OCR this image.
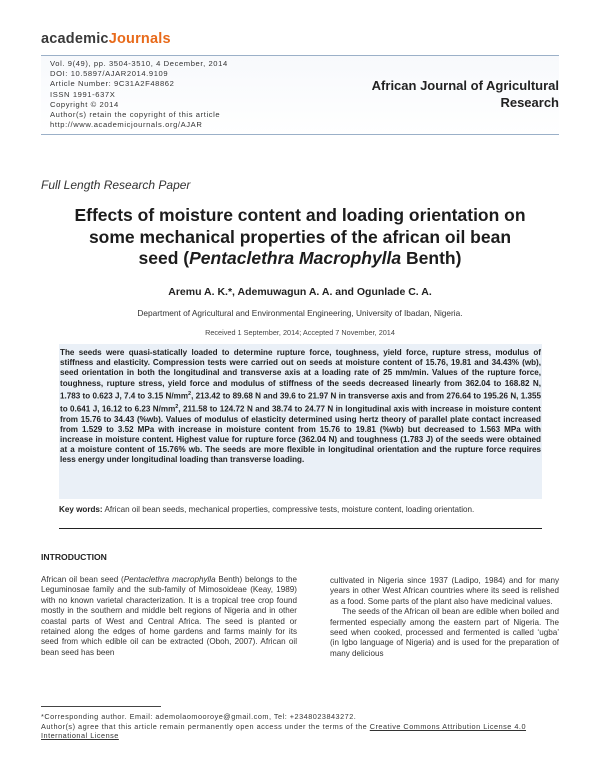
academicJournals
Vol. 9(49), pp. 3504-3510, 4 December, 2014
DOI: 10.5897/AJAR2014.9109
Article Number: 9C31A2F48862
ISSN 1991-637X
Copyright © 2014
Author(s) retain the copyright of this article
http://www.academicjournals.org/AJAR
African Journal of Agricultural
Research
Full Length Research Paper
Effects of moisture content and loading orientation on
some mechanical properties of the african oil bean
seed (Pentaclethra Macrophylla Benth)
Aremu A. K.*, Ademuwagun A. A. and Ogunlade C. A.
Department of Agricultural and Environmental Engineering, University of Ibadan, Nigeria.
Received 1 September, 2014; Accepted 7 November, 2014

The seeds were quasi-statically loaded to determine rupture force, toughness, yield force, rupture stress, modulus of stiffness and elasticity. Compression tests were carried out on seeds at moisture content of 15.76, 19.81 and 34.43% (wb), seed orientation in both the longitudinal and transverse axis at a loading rate of 25 mm/min. Values of the rupture force, toughness, rupture stress, yield force and modulus of stiffness of the seeds decreased linearly from 362.04 to 168.82 N, 1.783 to 0.623 J, 7.4 to 3.15 $N/mm^2$, 213.42 to 89.68 N and 39.6 to 21.97 N in transverse axis and from 276.64 to 195.26 N, 1.355 to 0.641 J, 16.12 to 6.23 $N/mm^2$, 211.58 to 124.72 N and 38.74 to 24.77 N in longitudinal axis with increase in moisture content from 15.76 to 34.43 (%wb). Values of modulus of elasticity determined using hertz theory of parallel plate contact increased from 1.529 to 3.52 MPa with increase in moisture content from 15.76 to 19.81 (%wb) but decreased to 1.563 MPa with increase in moisture content. Highest value for rupture force (362.04 N) and toughness (1.783 J) of the seeds were obtained at a moisture content of 15.76% wb. The seeds are more flexible in longitudinal orientation and the rupture force requires less energy under longitudinal loading than transverse loading.

Key words: African oil bean seeds, mechanical properties, compressive tests, moisture content, loading orientation.
INTRODUCTION

African oil bean seed (Pentaclethra macrophylla Benth) belongs to the Leguminosae family and the sub-family of Mimosoideae (Keay, 1989) with no known varietal characterization. It is a tropical tree crop found mostly in the southern and middle belt regions of Nigeria and in other coastal parts of West and Central Africa. The seed is planted or retained along the edges of home gardens and farms mainly for its seed from which edible oil can be extracted (Oboh, 2007). African oil bean seed has been

cultivated in Nigeria since 1937 (Ladipo, 1984) and for many years in other West African countries where its seed is relished as a food. Some parts of the plant also have medicinal values.

The seeds of the African oil bean are edible when boiled and fermented especially among the eastern part of Nigeria. The seed when cooked, processed and fermented is called ‘ugba’ (in Igbo language of Nigeria) and is used for the preparation of many delicious

*Corresponding author. Email: ademolaomooroye@gmail.com, Tel: +2348023843272.
Author(s) agree that this article remain permanently open access under the terms of the Creative Commons Attribution License 4.0 International License
